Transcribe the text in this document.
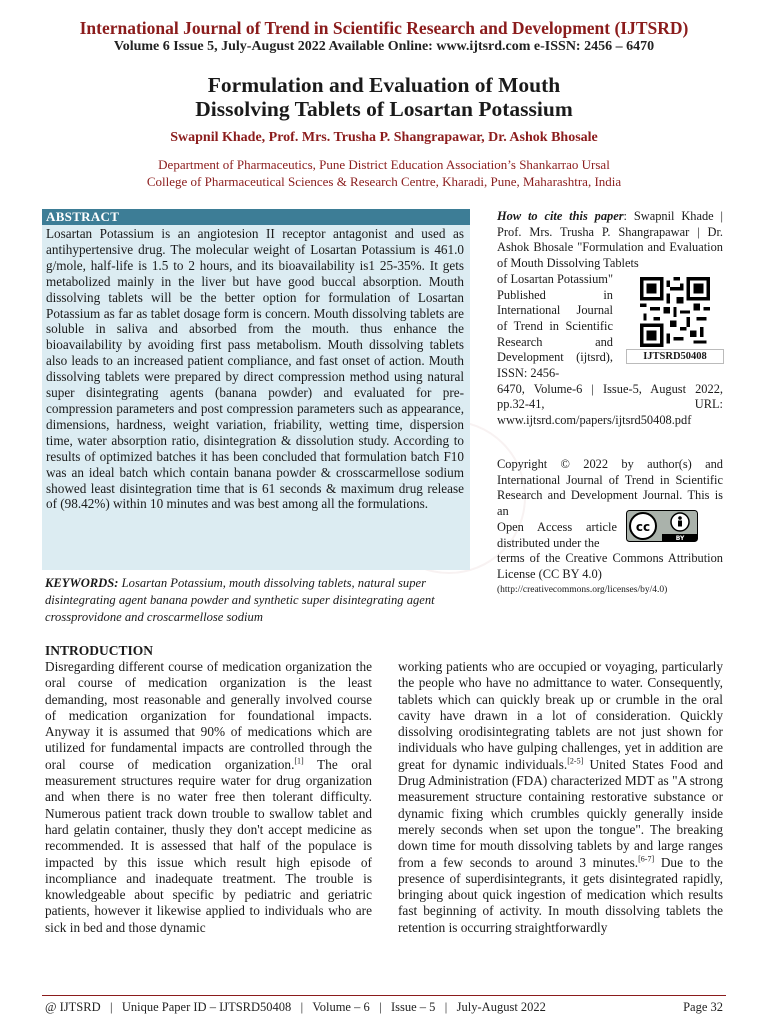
International Journal of Trend in Scientific Research and Development (IJTSRD)
Volume 6 Issue 5, July-August 2022 Available Online: www.ijtsrd.com e-ISSN: 2456 – 6470
Formulation and Evaluation of Mouth
Dissolving Tablets of Losartan Potassium
Swapnil Khade, Prof. Mrs. Trusha P. Shangrapawar, Dr. Ashok Bhosale
Department of Pharmaceutics, Pune District Education Association’s Shankarrao Ursal
College of Pharmaceutical Sciences & Research Centre, Kharadi, Pune, Maharashtra, India
ABSTRACT
Losartan Potassium is an angiotesion II receptor antagonist and used as antihypertensive drug. The molecular weight of Losartan Potassium is 461.0 g/mole, half-life is 1.5 to 2 hours, and its bioavailability is1 25-35%. It gets metabolized mainly in the liver but have good buccal absorption. Mouth dissolving tablets will be the better option for formulation of Losartan Potassium as far as tablet dosage form is concern. Mouth dissolving tablets are soluble in saliva and absorbed from the mouth. thus enhance the bioavailability by avoiding first pass metabolism. Mouth dissolving tablets also leads to an increased patient compliance, and fast onset of action. Mouth dissolving tablets were prepared by direct compression method using natural super disintegrating agents (banana powder) and evaluated for pre-compression parameters and post compression parameters such as appearance, dimensions, hardness, weight variation, friability, wetting time, dispersion time, water absorption ratio, disintegration & dissolution study. According to results of optimized batches it has been concluded that formulation batch F10 was an ideal batch which contain banana powder & crosscarmellose sodium showed least disintegration time that is 61 seconds & maximum drug release of (98.42%) within 10 minutes and was best among all the formulations.
KEYWORDS: Losartan Potassium, mouth dissolving tablets, natural super disintegrating agent banana powder and synthetic super disintegrating agent crossprovidone and croscarmellose sodium
How to cite this paper: Swapnil Khade | Prof. Mrs. Trusha P. Shangrapawar | Dr. Ashok Bhosale "Formulation and Evaluation of Mouth Dissolving Tablets
of Losartan Potassium" Published in International Journal of Trend in Scientific Research and Development (ijtsrd), ISSN: 2456-
6470, Volume-6 | Issue-5, August 2022, pp.32-41, URL: www.ijtsrd.com/papers/ijtsrd50408.pdf
IJTSRD50408
Copyright © 2022 by author(s) and International Journal of Trend in Scientific Research and Development Journal. This is an
Open Access article distributed under the
terms of the Creative Commons Attribution License (CC BY 4.0)
(http://creativecommons.org/licenses/by/4.0)
cc
BY
INTRODUCTION
Disregarding different course of medication organization the oral course of medication organization is the least demanding, most reasonable and generally involved course of medication organization for foundational impacts. Anyway it is assumed that 90% of medications which are utilized for fundamental impacts are controlled through the oral course of medication organization.[1] The oral measurement structures require water for drug organization and when there is no water free then tolerant difficulty. Numerous patient track down trouble to swallow tablet and hard gelatin container, thusly they don't accept medicine as recommended. It is assessed that half of the populace is impacted by this issue which result high episode of incompliance and inadequate treatment. The trouble is knowledgeable about specific by pediatric and geriatric patients, however it likewise applied to individuals who are sick in bed and those dynamic
working patients who are occupied or voyaging, particularly the people who have no admittance to water. Consequently, tablets which can quickly break up or crumble in the oral cavity have drawn in a lot of consideration. Quickly dissolving orodisintegrating tablets are not just shown for individuals who have gulping challenges, yet in addition are great for dynamic individuals.[2-5] United States Food and Drug Administration (FDA) characterized MDT as "A strong measurement structure containing restorative substance or dynamic fixing which crumbles quickly generally inside merely seconds when set upon the tongue". The breaking down time for mouth dissolving tablets by and large ranges from a few seconds to around 3 minutes.[6-7] Due to the presence of superdisintegrants, it gets disintegrated rapidly, bringing about quick ingestion of medication which results fast beginning of activity. In mouth dissolving tablets the retention is occurring straightforwardly
@ IJTSRD   |   Unique Paper ID – IJTSRD50408   |   Volume – 6   |   Issue – 5   |   July-August 2022	Page 32
